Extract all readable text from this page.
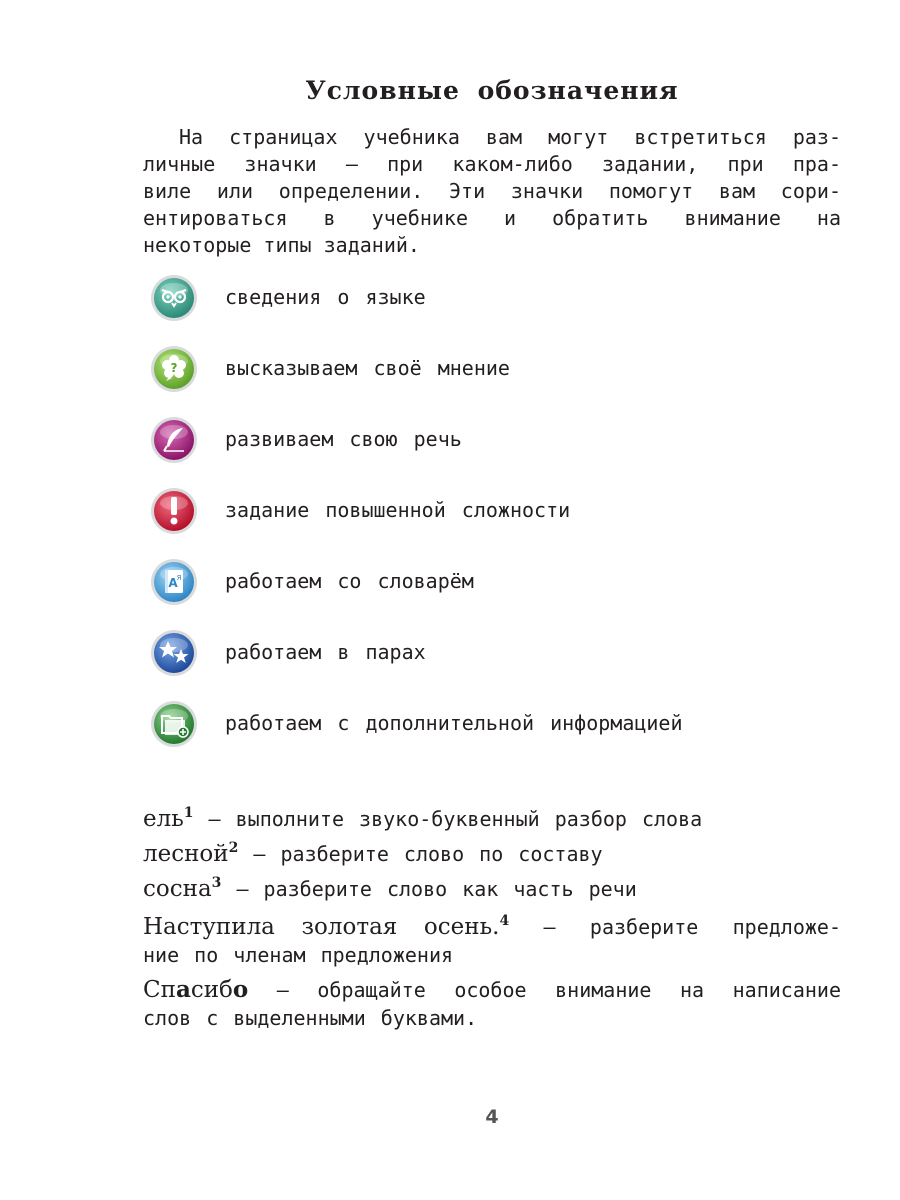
Условные обозначения
На страницах учебника вам могут встретиться раз-
личные значки — при каком-либо задании, при пра-
виле или определении. Эти значки помогут вам сори-
ентироваться в учебнике и обратить внимание на
некоторые типы заданий.
сведения о языке
? высказываем своё мнение
развиваем свою речь
задание повышенной сложности
A
Я работаем со словарём
работаем в парах
работаем с дополнительной информацией
ель$^1$ — выполните звуко-буквенный разбор слова
лесной$^2$ — разберите слово по составу
сосна$^3$ — разберите слово как часть речи
Наступила золотая осень.$^4$ — разберите предложе-
ние по членам предложения
Спасибо — обращайте особое внимание на написание
слов с выделенными буквами.
4
